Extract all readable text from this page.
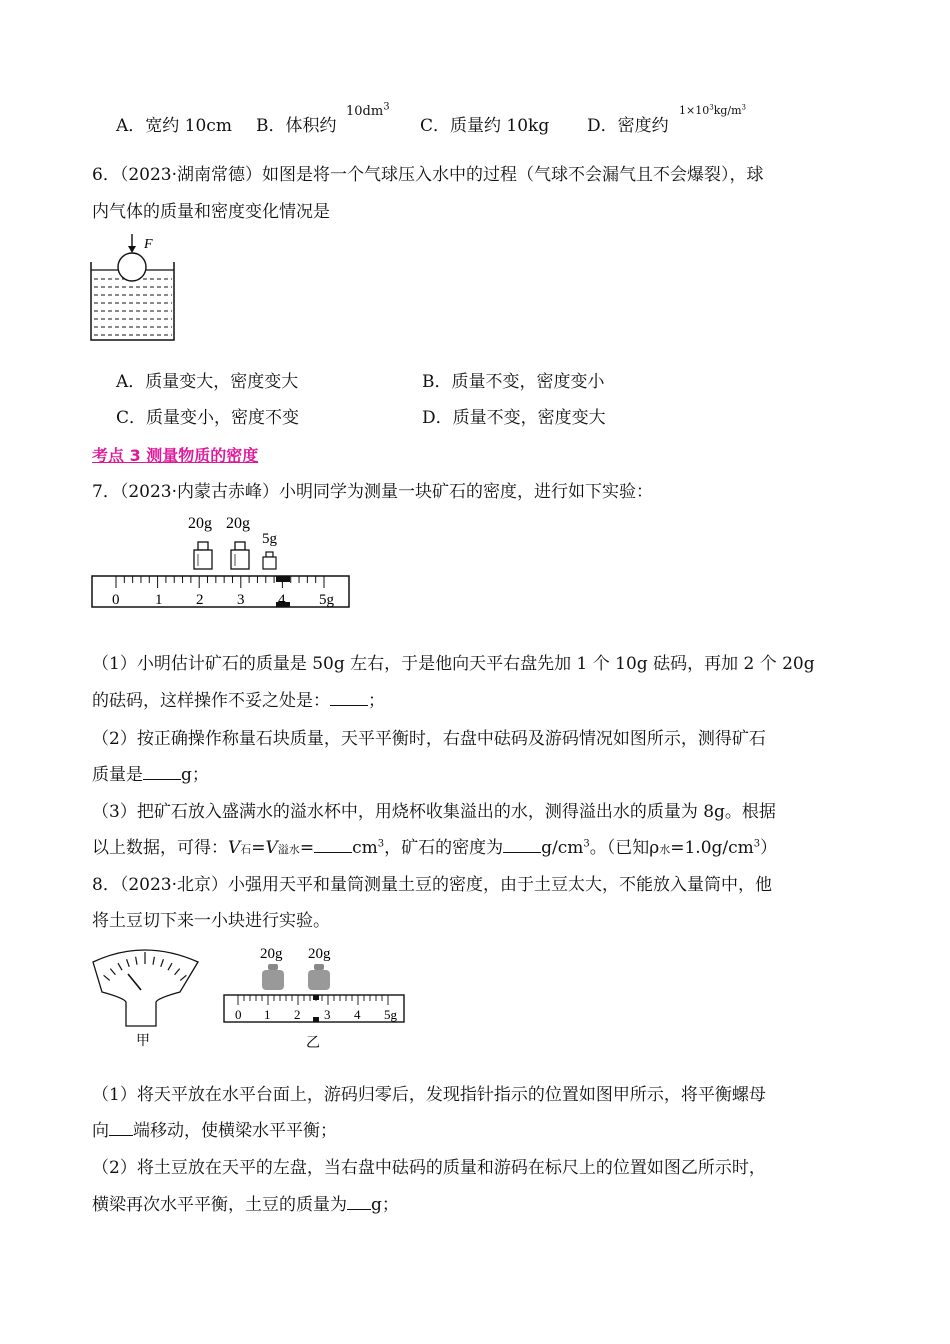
A．宽约 10cm B．体积约
$10dm^3$
C．质量约 10kg D．密度约
$1\times 10^3kg/m^3$
6．（2023·湖南常德）如图是将一个气球压入水中的过程（气球不会漏气且不会爆裂），球
内气体的质量和密度变化情况是
F
A．质量变大，密度变大	B．质量不变，密度变小
C．质量变小，密度不变	D．质量不变，密度变大
考点 3 测量物质的密度
7．（2023·内蒙古赤峰）小明同学为测量一块矿石的密度，进行如下实验：
20g 20g
5g
0 1 2 3 4 5g
（1）小明估计矿石的质量是 50g 左右，于是他向天平右盘先加 1 个 10g 砝码，再加 2 个 20g
的砝码，这样操作不妥之处是： ；
（2）按正确操作称量石块质量，天平平衡时，右盘中砝码及游码情况如图所示，测得矿石
质量是 g；
（3）把矿石放入盛满水的溢水杯中，用烧杯收集溢出的水，测得溢出水的质量为 8g。根据
以上数据，可得：V石=V溢水= $cm^3$，矿石的密度为 $g/cm^3$。（已知ρ水$=1.0g/cm^3$）
8．（2023·北京）小强用天平和量筒测量土豆的密度，由于土豆太大，不能放入量筒中，他
将土豆切下来一小块进行实验。
甲
20g 20g
0 1 2 3 4 5g
乙
（1）将天平放在水平台面上，游码归零后，发现指针指示的位置如图甲所示，将平衡螺母
向 端移动，使横梁水平平衡；
（2）将土豆放在天平的左盘，当右盘中砝码的质量和游码在标尺上的位置如图乙所示时，
横梁再次水平平衡，土豆的质量为 g；
